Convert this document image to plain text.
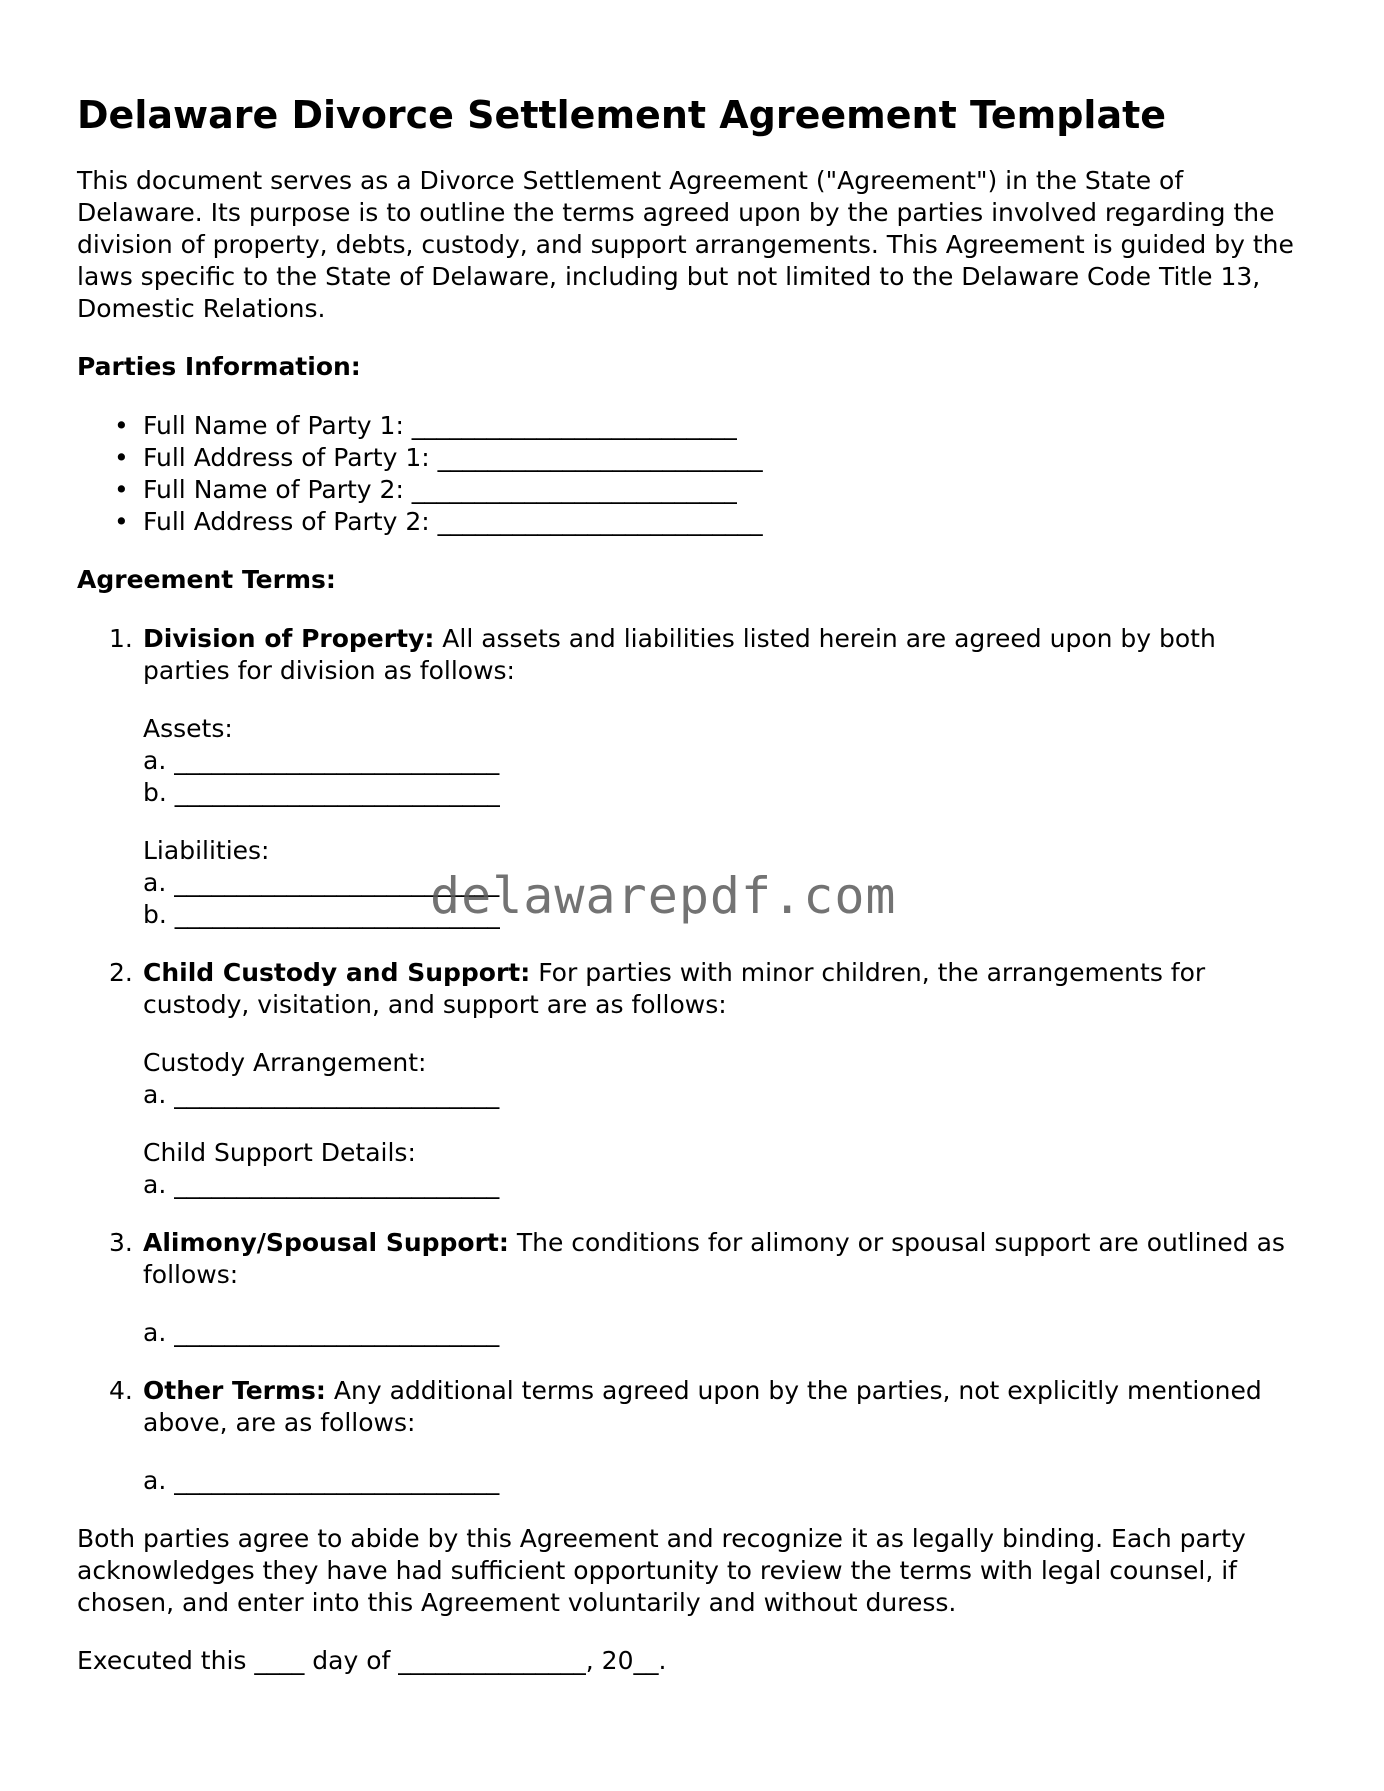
Delaware Divorce Settlement Agreement Template

This document serves as a Divorce Settlement Agreement ("Agreement") in the State of Delaware. Its purpose is to outline the terms agreed upon by the parties involved regarding the division of property, debts, custody, and support arrangements. This Agreement is guided by the laws specific to the State of Delaware, including but not limited to the Delaware Code Title 13, Domestic Relations.

Parties Information:
• Full Name of Party 1: __________________________
• Full Address of Party 1: __________________________
• Full Name of Party 2: __________________________
• Full Address of Party 2: __________________________
Agreement Terms:
1. Division of Property: All assets and liabilities listed herein are agreed upon by both parties for division as follows:

Assets:
a. __________________________
b. __________________________
Liabilities:
a. __________________________
b. __________________________
2. Child Custody and Support: For parties with minor children, the arrangements for custody, visitation, and support are as follows:

Custody Arrangement:
a. __________________________
Child Support Details:
a. __________________________
3. Alimony/Spousal Support: The conditions for alimony or spousal support are outlined as follows:

a. __________________________
4. Other Terms: Any additional terms agreed upon by the parties, not explicitly mentioned above, are as follows:

a. __________________________

Both parties agree to abide by this Agreement and recognize it as legally binding. Each party acknowledges they have had sufficient opportunity to review the terms with legal counsel, if chosen, and enter into this Agreement voluntarily and without duress.

Executed this ____ day of _______________, 20__.

delawarepdf.com
